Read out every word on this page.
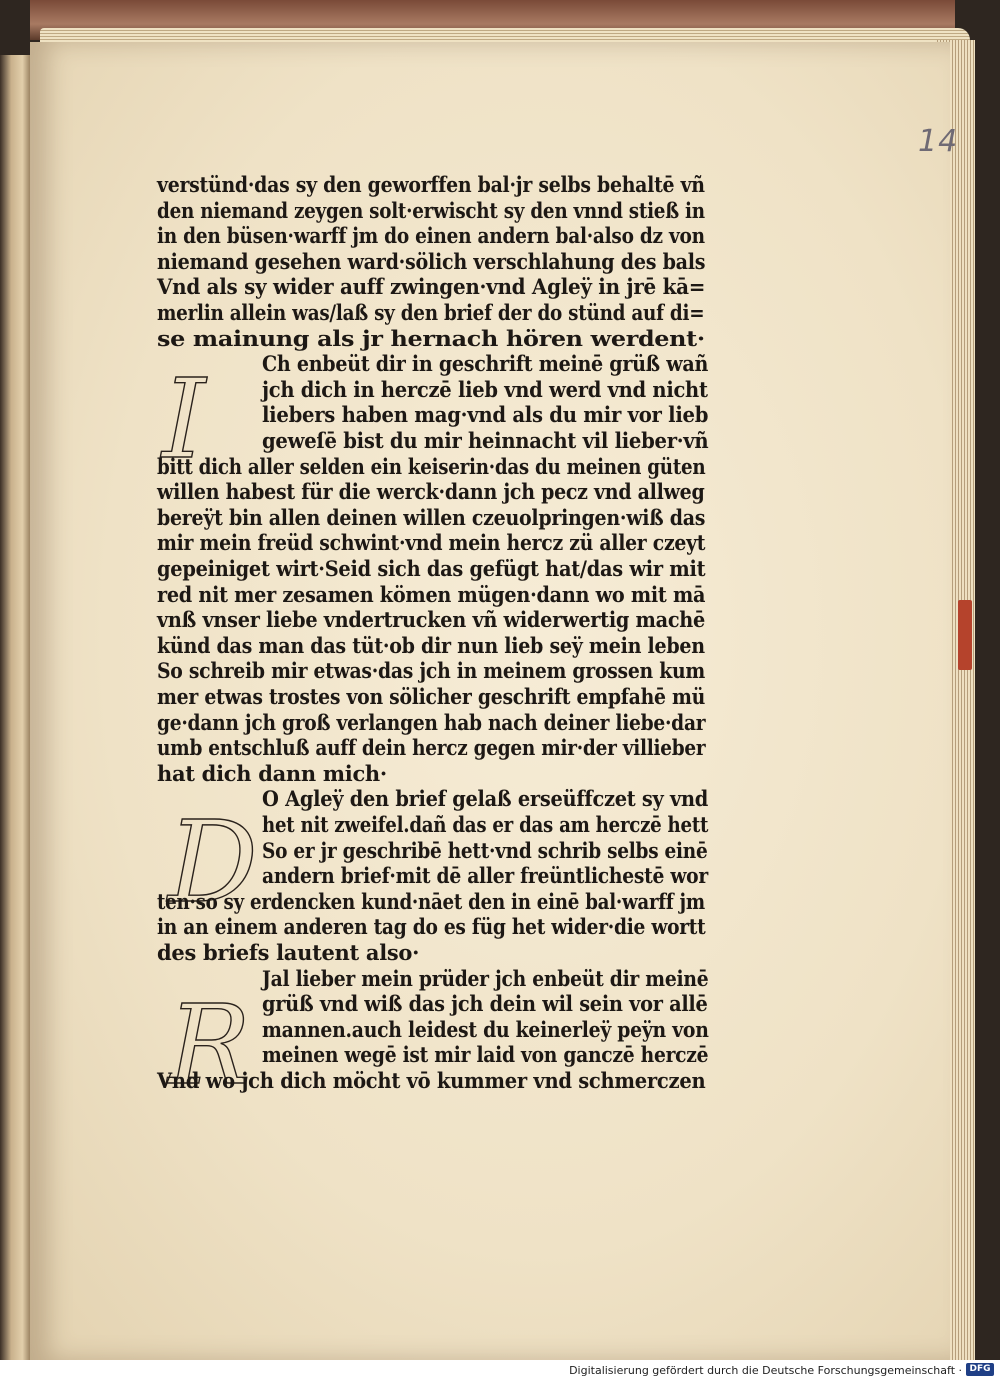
14
I
D
R
verstünd·das sy den geworffen bal·jr selbs behaltē vñ
den niemand zeygen solt·erwischt sy den vnnd stieß in
in den büsen·warff jm do einen andern bal·also dz von
niemand gesehen ward·sölich verschlahung des bals
Vnd als sy wider auff zwingen·vnd Agleÿ in jrē kā=
merlin allein was/laß sy den brief der do stünd auf di=
se mainung als jr hernach hören werdent·
Ch enbeüt dir in geschrift meinē grüß wañ
jch dich in herczē lieb vnd werd vnd nicht
liebers haben mag·vnd als du mir vor lieb
geweſē bist du mir heinnacht vil lieber·vñ
bitt dich aller selden ein keiserin·das du meinen güten
willen habest für die werck·dann jch pecz vnd allweg
bereÿt bin allen deinen willen czeuolpringen·wiß das
mir mein freüd schwint·vnd mein hercz zü aller czeyt
gepeiniget wirt·Seid sich das gefügt hat/das wir mit
red nit mer zesamen kömen mügen·dann wo mit mā
vnß vnser liebe vndertrucken vñ widerwertig machē
künd das man das tüt·ob dir nun lieb seÿ mein leben
So schreib mir etwas·das jch in meinem grossen kum
mer etwas trostes von sölicher geschrift empfahē mü
ge·dann jch groß verlangen hab nach deiner liebe·dar
umb entschluß auff dein hercz gegen mir·der villieber
hat dich dann mich·
O Agleÿ den brief gelaß erseüffczet sy vnd
het nit zweifel.dañ das er das am herczē hett
So er jr geschribē hett·vnd schrib selbs einē
andern brief·mit dē aller freüntlichestē wor
ten·so sy erdencken kund·nāet den in einē bal·warff jm
in an einem anderen tag do es füg het wider·die wortt
des briefs lautent also·
Jal lieber mein prüder jch enbeüt dir meinē
grüß vnd wiß das jch dein wil sein vor allē
mannen.auch leidest du keinerleÿ peÿn von
meinen wegē ist mir laid von ganczē herczē
Vnd wo jch dich möcht vō kummer vnd schmerczen
Digitalisierung gefördert durch die Deutsche Forschungsgemeinschaft · DFG
